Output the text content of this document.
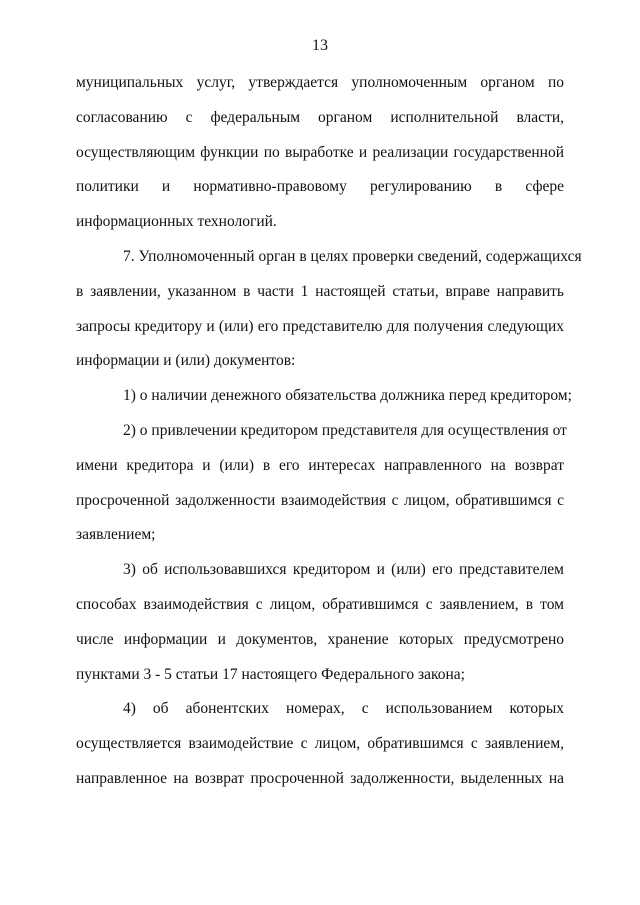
13

муниципальных услуг, утверждается уполномоченным органом по
согласованию с федеральным органом исполнительной власти,
осуществляющим функции по выработке и реализации государственной
политики и нормативно-правовому регулированию в сфере
информационных технологий.

7. Уполномоченный орган в целях проверки сведений, содержащихся
в заявлении, указанном в части 1 настоящей статьи, вправе направить
запросы кредитору и (или) его представителю для получения следующих
информации и (или) документов:

1) о наличии денежного обязательства должника перед кредитором;

2) о привлечении кредитором представителя для осуществления от
имени кредитора и (или) в его интересах направленного на возврат
просроченной задолженности взаимодействия с лицом, обратившимся с
заявлением;

3) об использовавшихся кредитором и (или) его представителем
способах взаимодействия с лицом, обратившимся с заявлением, в том
числе информации и документов, хранение которых предусмотрено
пунктами 3 - 5 статьи 17 настоящего Федерального закона;

4) об абонентских номерах, с использованием которых
осуществляется взаимодействие с лицом, обратившимся с заявлением,
направленное на возврат просроченной задолженности, выделенных на
